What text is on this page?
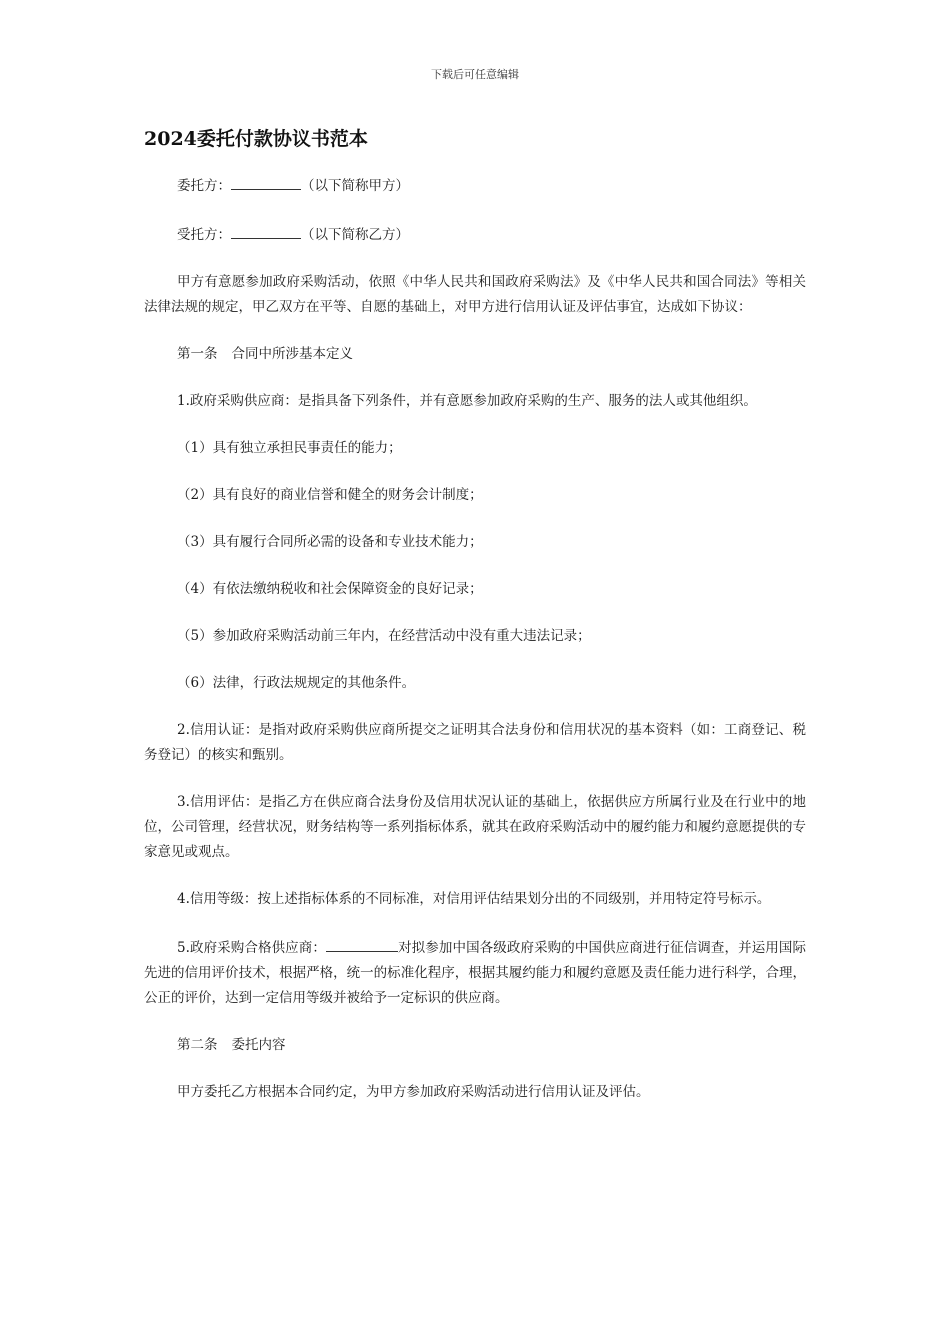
下载后可任意编辑
2024委托付款协议书范本

委托方：	（以下简称甲方）

受托方：	（以下简称乙方）

甲方有意愿参加政府采购活动，依照《中华人民共和国政府采购法》及《中华人民共和国合同法》等相关法律法规的规定，甲乙双方在平等、自愿的基础上，对甲方进行信用认证及评估事宜，达成如下协议：

第一条 合同中所涉基本定义

1.政府采购供应商：是指具备下列条件，并有意愿参加政府采购的生产、服务的法人或其他组织。

（1）具有独立承担民事责任的能力；

（2）具有良好的商业信誉和健全的财务会计制度；

（3）具有履行合同所必需的设备和专业技术能力；

（4）有依法缴纳税收和社会保障资金的良好记录；

（5）参加政府采购活动前三年内，在经营活动中没有重大违法记录；

（6）法律，行政法规规定的其他条件。

2.信用认证：是指对政府采购供应商所提交之证明其合法身份和信用状况的基本资料（如：工商登记、税务登记）的核实和甄别。

3.信用评估：是指乙方在供应商合法身份及信用状况认证的基础上，依据供应方所属行业及在行业中的地位，公司管理，经营状况，财务结构等一系列指标体系，就其在政府采购活动中的履约能力和履约意愿提供的专家意见或观点。

4.信用等级：按上述指标体系的不同标准，对信用评估结果划分出的不同级别，并用特定符号标示。

5.政府采购合格供应商：	对拟参加中国各级政府采购的中国供应商进行征信调查，并运用国际先进的信用评价技术，根据严格，统一的标准化程序，根据其履约能力和履约意愿及责任能力进行科学，合理，公正的评价，达到一定信用等级并被给予一定标识的供应商。

第二条 委托内容

甲方委托乙方根据本合同约定，为甲方参加政府采购活动进行信用认证及评估。
